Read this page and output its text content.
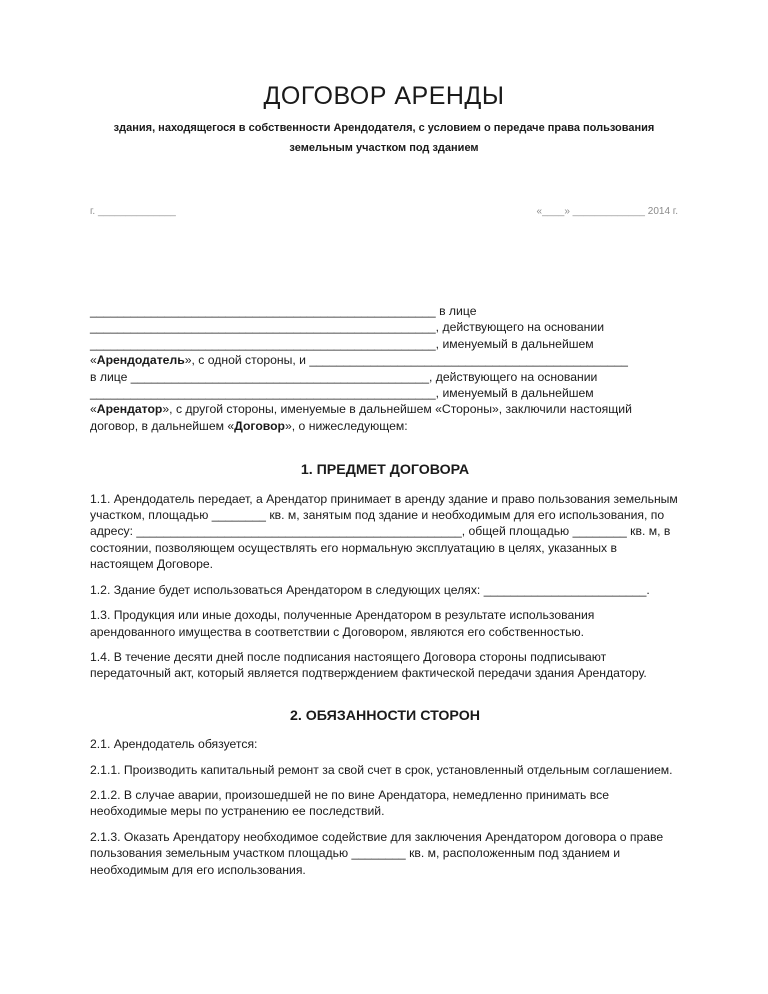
ДОГОВОР АРЕНДЫ
здания, находящегося в собственности Арендодателя, с условием о передаче права пользования
земельным участком под зданием
г. ______________	«____» _____________ 2014 г.

___________________________________________________ в лице
___________________________________________________, действующего на основании
___________________________________________________, именуемый в дальнейшем
«Арендодатель», с одной стороны, и _______________________________________________
в лице ____________________________________________, действующего на основании
___________________________________________________, именуемый в дальнейшем
«Арендатор», с другой стороны, именуемые в дальнейшем «Стороны», заключили настоящий
договор, в дальнейшем «Договор», о нижеследующем:

1. ПРЕДМЕТ ДОГОВОРА

1.1. Арендодатель передает, а Арендатор принимает в аренду здание и право пользования земельным участком, площадью ________ кв. м, занятым под здание и необходимым для его использования, по адресу: ________________________________________________, общей площадью ________ кв. м, в состоянии, позволяющем осуществлять его нормальную эксплуатацию в целях, указанных в настоящем Договоре.

1.2. Здание будет использоваться Арендатором в следующих целях: ________________________.

1.3. Продукция или иные доходы, полученные Арендатором в результате использования арендованного имущества в соответствии с Договором, являются его собственностью.

1.4. В течение десяти дней после подписания настоящего Договора стороны подписывают передаточный акт, который является подтверждением фактической передачи здания Арендатору.

2. ОБЯЗАННОСТИ СТОРОН

2.1. Арендодатель обязуется:

2.1.1. Производить капитальный ремонт за свой счет в срок, установленный отдельным соглашением.

2.1.2. В случае аварии, произошедшей не по вине Арендатора, немедленно принимать все необходимые меры по устранению ее последствий.

2.1.3. Оказать Арендатору необходимое содействие для заключения Арендатором договора о праве пользования земельным участком площадью ________ кв. м, расположенным под зданием и необходимым для его использования.
